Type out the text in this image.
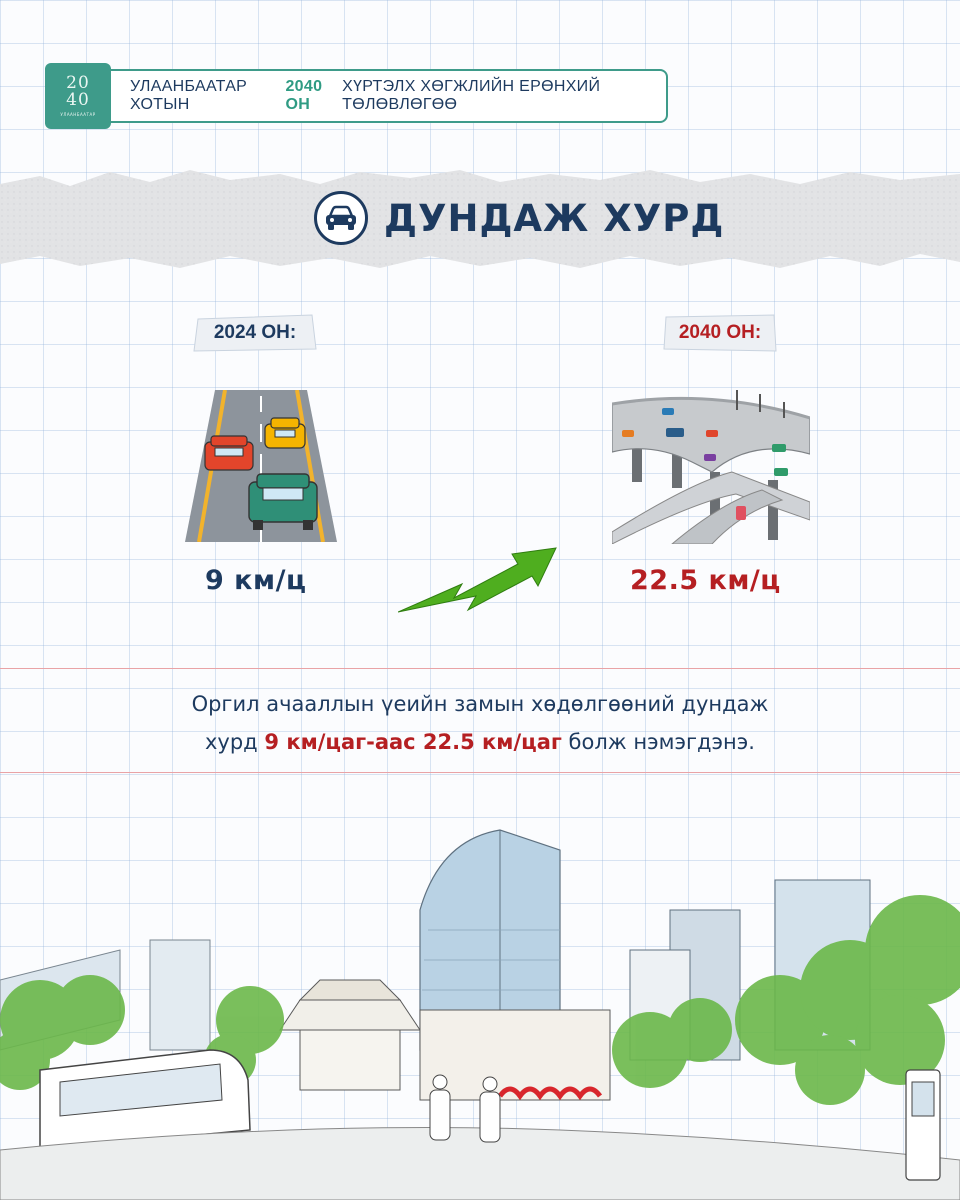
УЛААНБААТАР ХОТЫН
2040 ОН
ХҮРТЭЛХ ХӨГЖЛИЙН ЕРӨНХИЙ ТӨЛӨВЛӨГӨӨ
20
40
УЛААНБААТАР
ДУНДАЖ ХУРД
2024 ОН:	2040 ОН:
9 км/ц	22.5 км/ц
Оргил ачааллын үеийн замын хөдөлгөөний дундаж
хурд 9 км/цаг-аас 22.5 км/цаг болж нэмэгдэнэ.
